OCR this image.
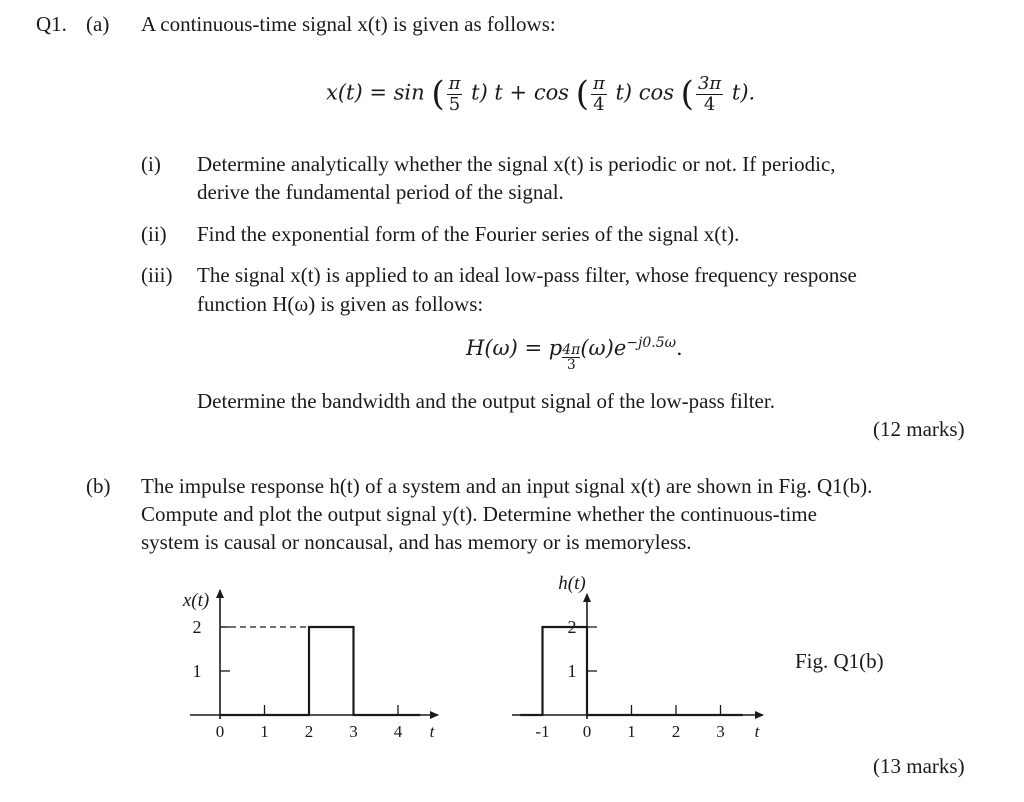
Q1. (a) A continuous-time signal x(t) is given as follows:
x(t) = sin ( $\frac{\pi}{5} t$) t + cos ( $\frac{\pi}{4} t$) cos ( $\frac{3\pi}{4} t$).
(i) Determine analytically whether the signal x(t) is periodic or not. If periodic,
derive the fundamental period of the signal.
(ii) Find the exponential form of the Fourier series of the signal x(t).
(iii) The signal x(t) is applied to an ideal low-pass filter, whose frequency response
function H(ω) is given as follows:
H(ω) = p $\frac{4\pi}{3} (\omega)e^{-j0.5\omega}$.
Determine the bandwidth and the output signal of the low-pass filter.
(12 marks)
(b) The impulse response h(t) of a system and an input signal x(t) are shown in Fig. Q1(b).
Compute and plot the output signal y(t). Determine whether the continuous-time
system is causal or noncausal, and has memory or is memoryless.
0 1 2 3 4 t
1
2
x(t)
-1 0 1 2 3 t
1
2
h(t)
Fig. Q1(b)
(13 marks)
